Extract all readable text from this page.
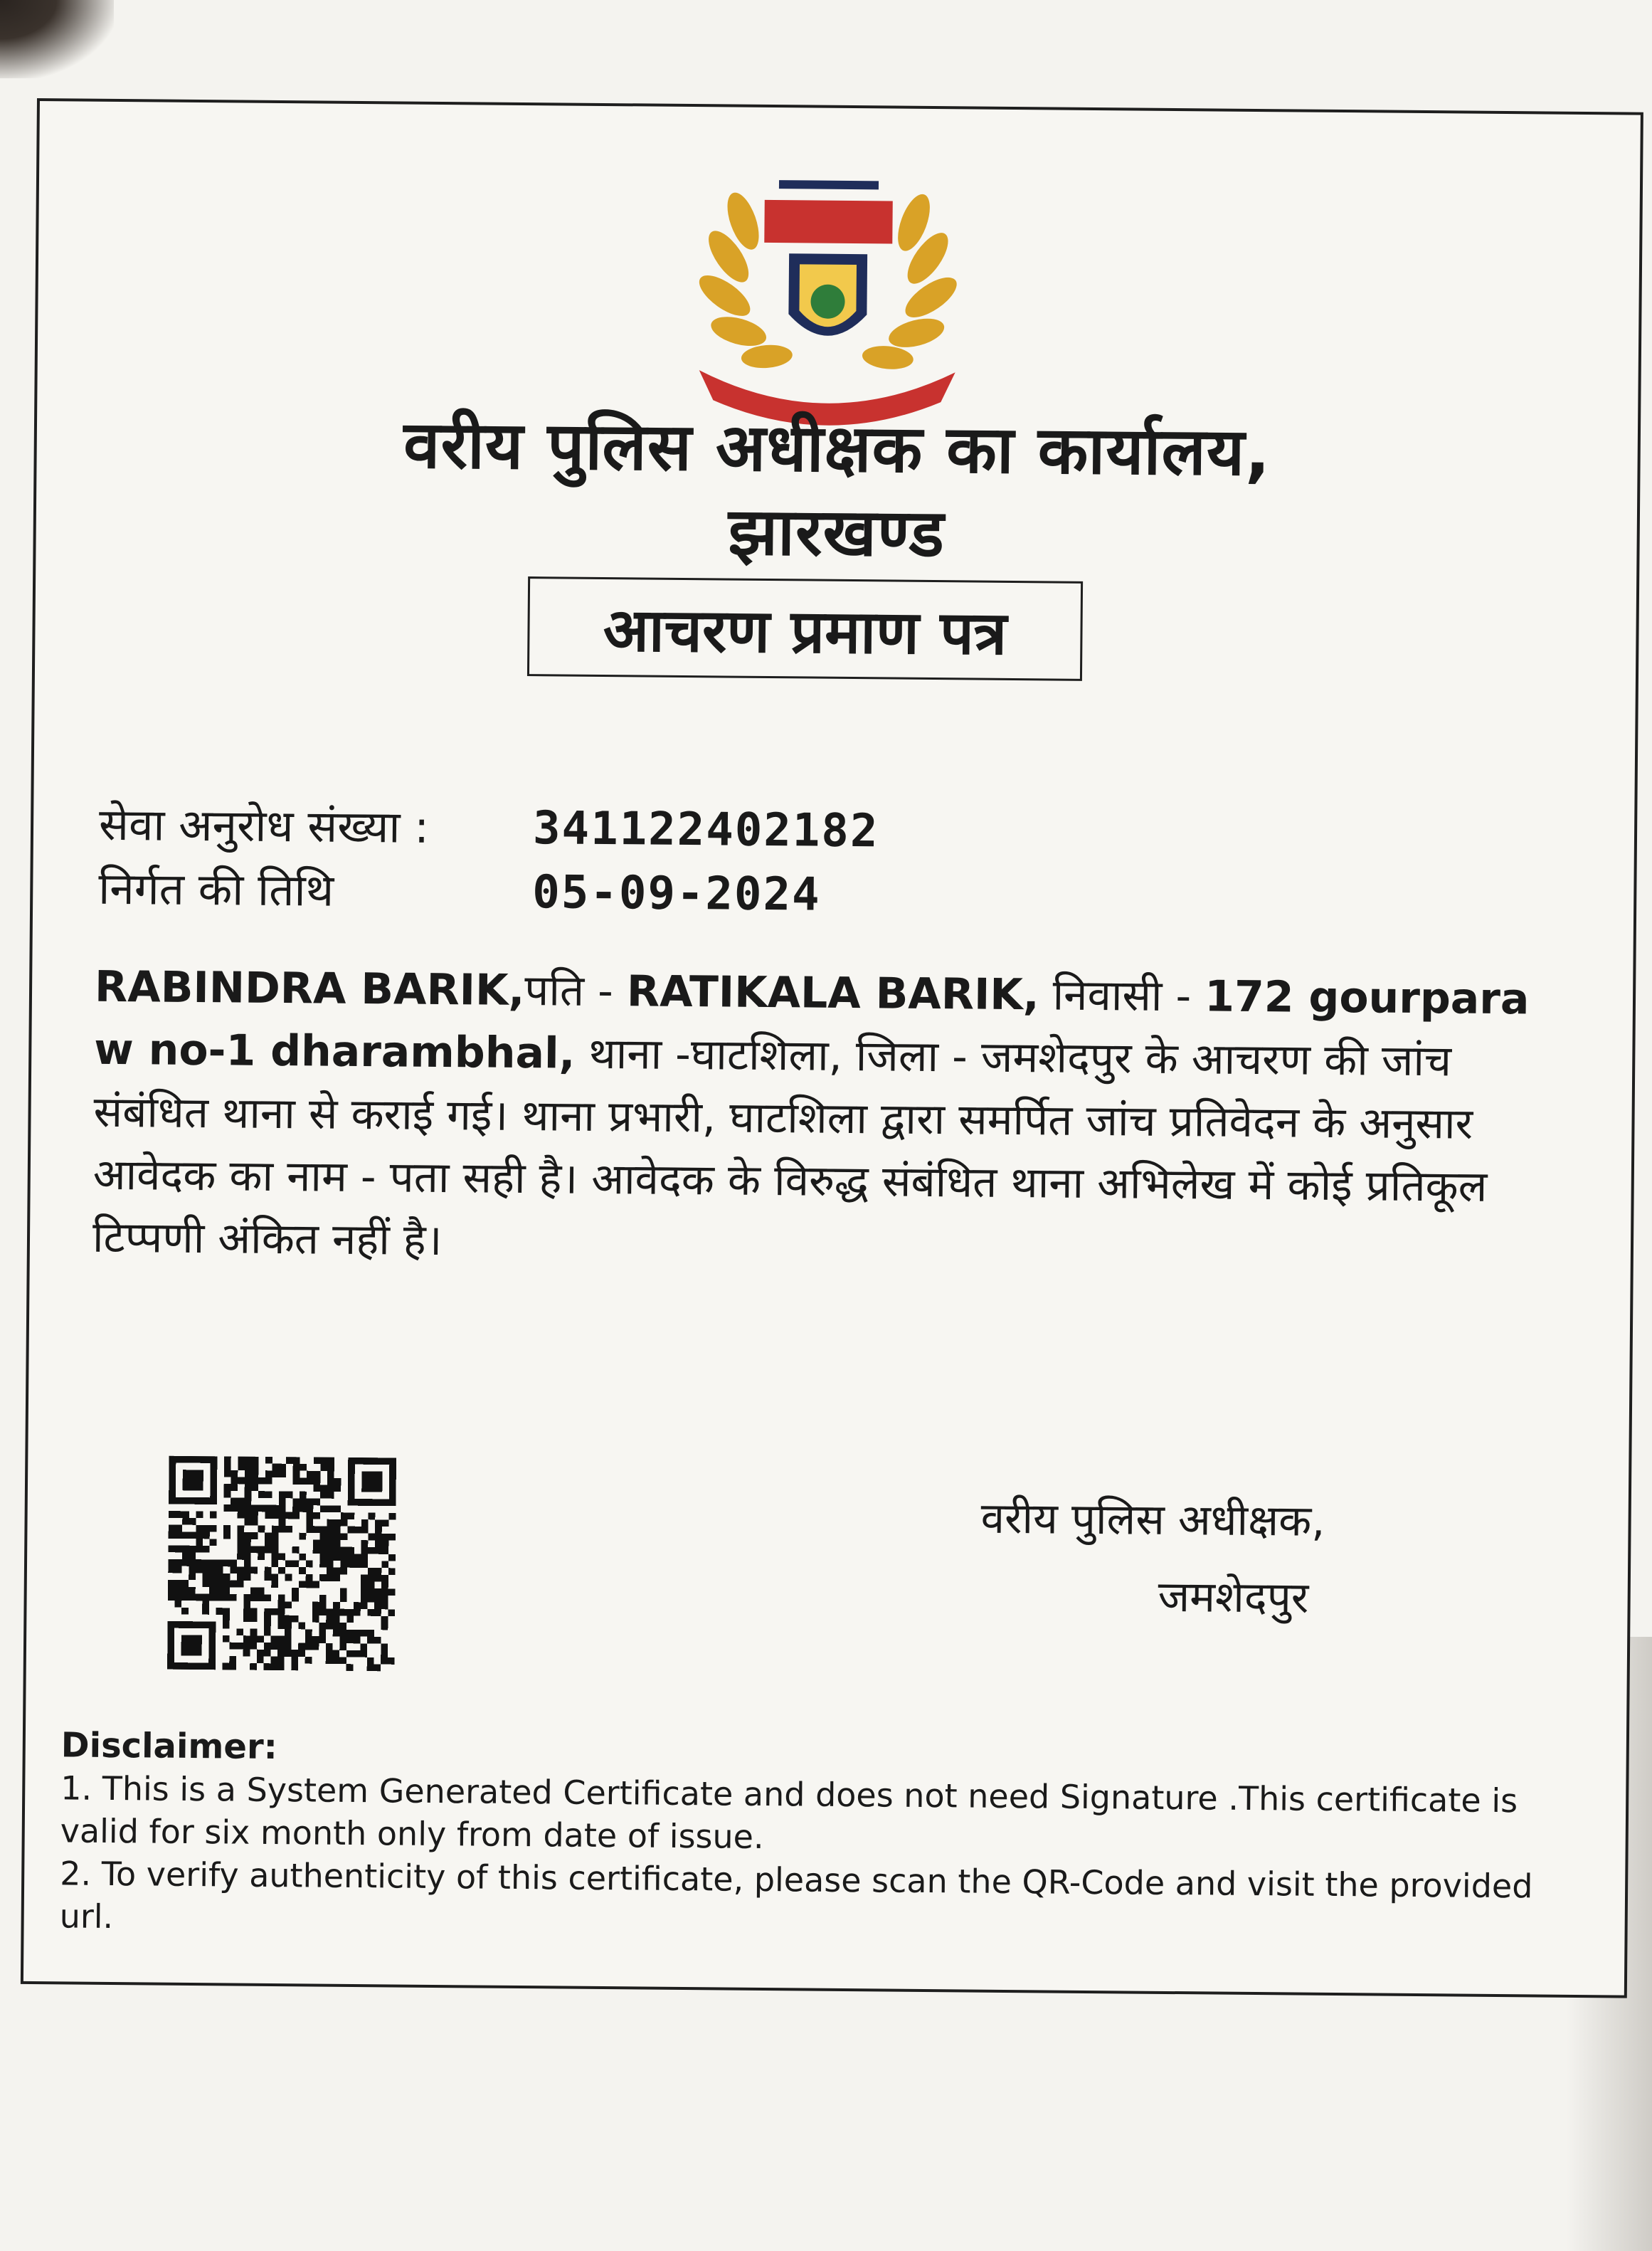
वरीय पुलिस अधीक्षक का कार्यालय,
झारखण्ड
आचरण प्रमाण पत्र
सेवा अनुरोध संख्या : 341122402182
निर्गत की तिथि	05-09-2024
RABINDRA BARIK,पति - RATIKALA BARIK, निवासी - 172 gourpara w no-1 dharambhal, थाना -घाटशिला, जिला - जमशेदपुर के आचरण की जांच संबंधित थाना से कराई गई। थाना प्रभारी, घाटशिला द्वारा समर्पित जांच प्रतिवेदन के अनुसार आवेदक का नाम - पता सही है। आवेदक के विरुद्ध संबंधित थाना अभिलेख में कोई प्रतिकूल टिप्पणी अंकित नहीं है।
वरीय पुलिस अधीक्षक,
जमशेदपुर
Disclaimer:
1. This is a System Generated Certificate and does not need Signature .This certificate is valid for six month only from date of issue.
2. To verify authenticity of this certificate, please scan the QR-Code and visit the provided url.
